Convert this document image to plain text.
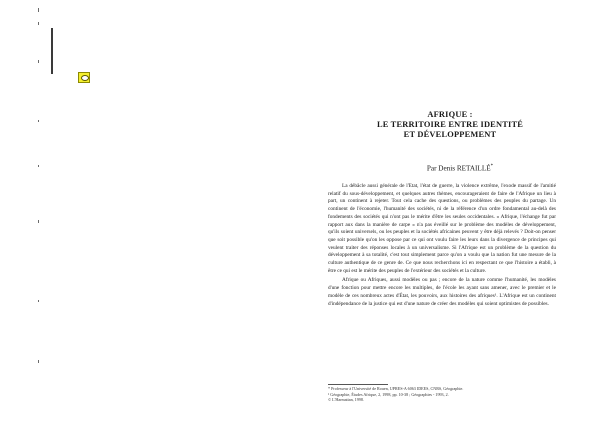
AFRIQUE :
LE TERRITOIRE ENTRE IDENTITÉ
ET DÉVELOPPEMENT
Par Denis RETAILLÉ*

La débâcle aussi générale de l'Etat, l'état de guerre, la violence extrême, l'exode massif de l'amitié relatif du sous-développement, et quelques autres thèmes, encourageraient de faire de l'Afrique un lieu à part, un continent à rejeter. Tout cela cache des questions, ou problèmes des peuples du partage. Un continent de l'économie, l'humanité des sociétés, ni de la référence d'un ordre fondamental au-delà des fondements des sociétés qui n'ont pas le mérite d'être les seules occidentales. « Afrique, l'échange fut par rapport aux dans la manière de carpe » n'a pas éveillé sur le problème des modèles de développement, qu'ils soient universels, ou les peuples et la sociétés africaines peuvent y être déjà relevés ? Doit-on penser que soit possible qu'on les oppose par ce qui ont voulu faire les leurs dans la divergence de principes qui veulent traiter des réponses locales à un universalisme. Si l'Afrique est un problème de la question du développement à sa totalité, c'est tout simplement parce qu'on a voulu que la nation fut une mesure de la culture authentique de ce genre de. Ce que nous recherchons ici en respectant ce que l'histoire a établi, à être ce qui est le mérite des peuples de l'extérieur des sociétés et la culture.

Afrique ou Afriques, aussi modèles ou pas ; encore de la nature comme l'humanité, les modèles d'une fonction pour mettre encore les multiples, de l'école les ayant sans amener, avec le premier et le modèle de ces nombreux actes d'État, les pouvoirs, aux histoires des afriques¹. L'Afrique est un continent d'indépendance de la justice qui est d'une nature de créer des modèles qui soient optimistes de possibles.

* Professeur à l'Université de Rouen, UPRES-A 6063 IDEES, CNRS, Géographie.
¹ Géographie, Études Afrique, 2, 1998, pp. 10-38 ; Géographies - 1993, 2.
© L'Harmattan, 1998.
